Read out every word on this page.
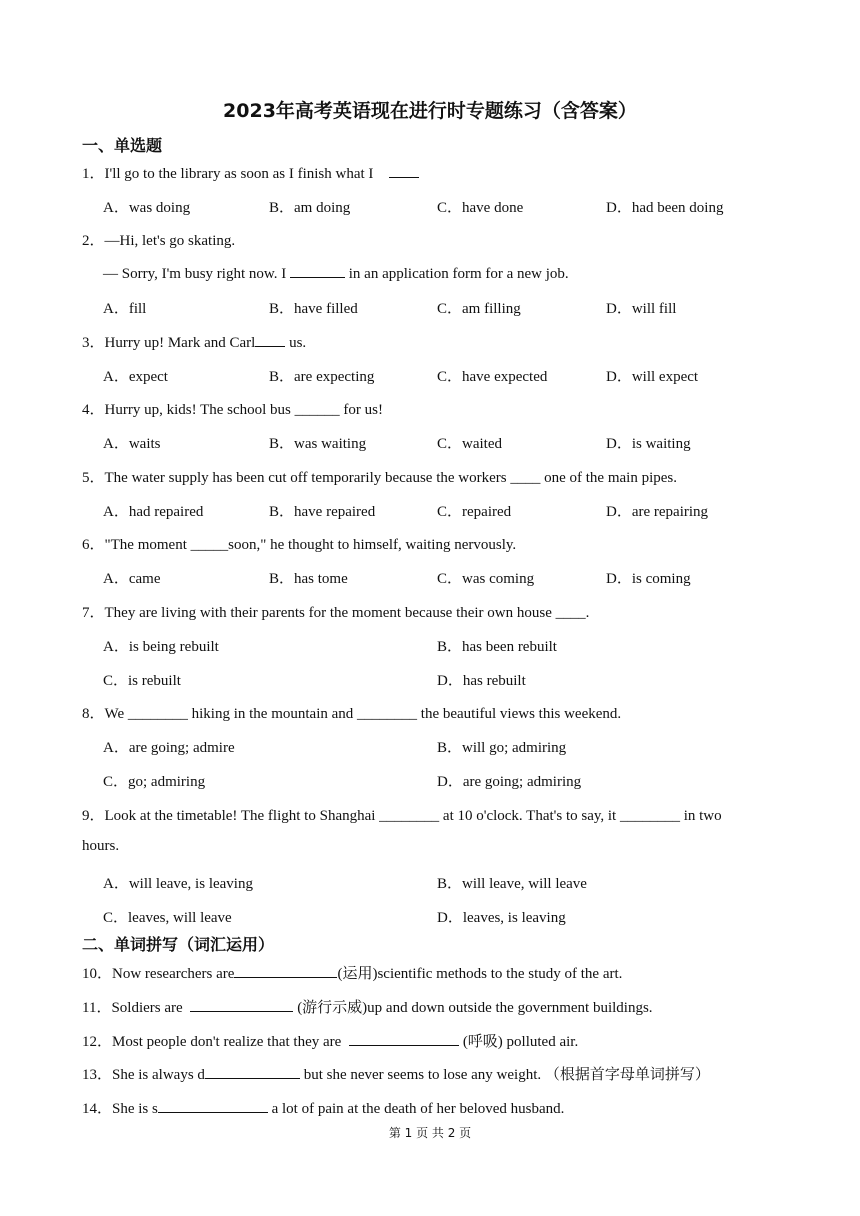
2023年高考英语现在进行时专题练习（含答案）
一、单选题
1．I'll go to the library as soon as I finish what I
A．was doing	B．am doing	C．have done	D．had been doing
2．—Hi, let's go skating.
— Sorry, I'm busy right now. I	in an application form for a new job.
A．fill	B．have filled	C．am filling	D．will fill
3．Hurry up! Mark and Carl us.
A．expect	B．are expecting	C．have expected	D．will expect
4．Hurry up, kids! The school bus ______ for us!
A．waits	B．was waiting	C．waited	D．is waiting
5．The water supply has been cut off temporarily because the workers ____ one of the main pipes.
A．had repaired	B．have repaired	C．repaired	D．are repairing
6．"The moment _____soon," he thought to himself, waiting nervously.
A．came	B．has tome	C．was coming	D．is coming
7．They are living with their parents for the moment because their own house ____.
A．is being rebuilt	B．has been rebuilt
C．is rebuilt	D．has rebuilt
8．We ________ hiking in the mountain and ________ the beautiful views this weekend.
A．are going; admire	B．will go; admiring
C．go; admiring	D．are going; admiring
9．Look at the timetable! The flight to Shanghai ________ at 10 o'clock. That's to say, it ________ in two
hours.
A．will leave, is leaving	B．will leave, will leave
C．leaves, will leave	D．leaves, is leaving
二、单词拼写（词汇运用）
10．Now researchers are	(运用)scientific methods to the study of the art.
11．Soldiers are	(游行示威)up and down outside the government buildings.
12．Most people don't realize that they are	(呼吸) polluted air.
13．She is always d	but she never seems to lose any weight. （根据首字母单词拼写）
14．She is s	a lot of pain at the death of her beloved husband.
第 1 页 共 2 页
